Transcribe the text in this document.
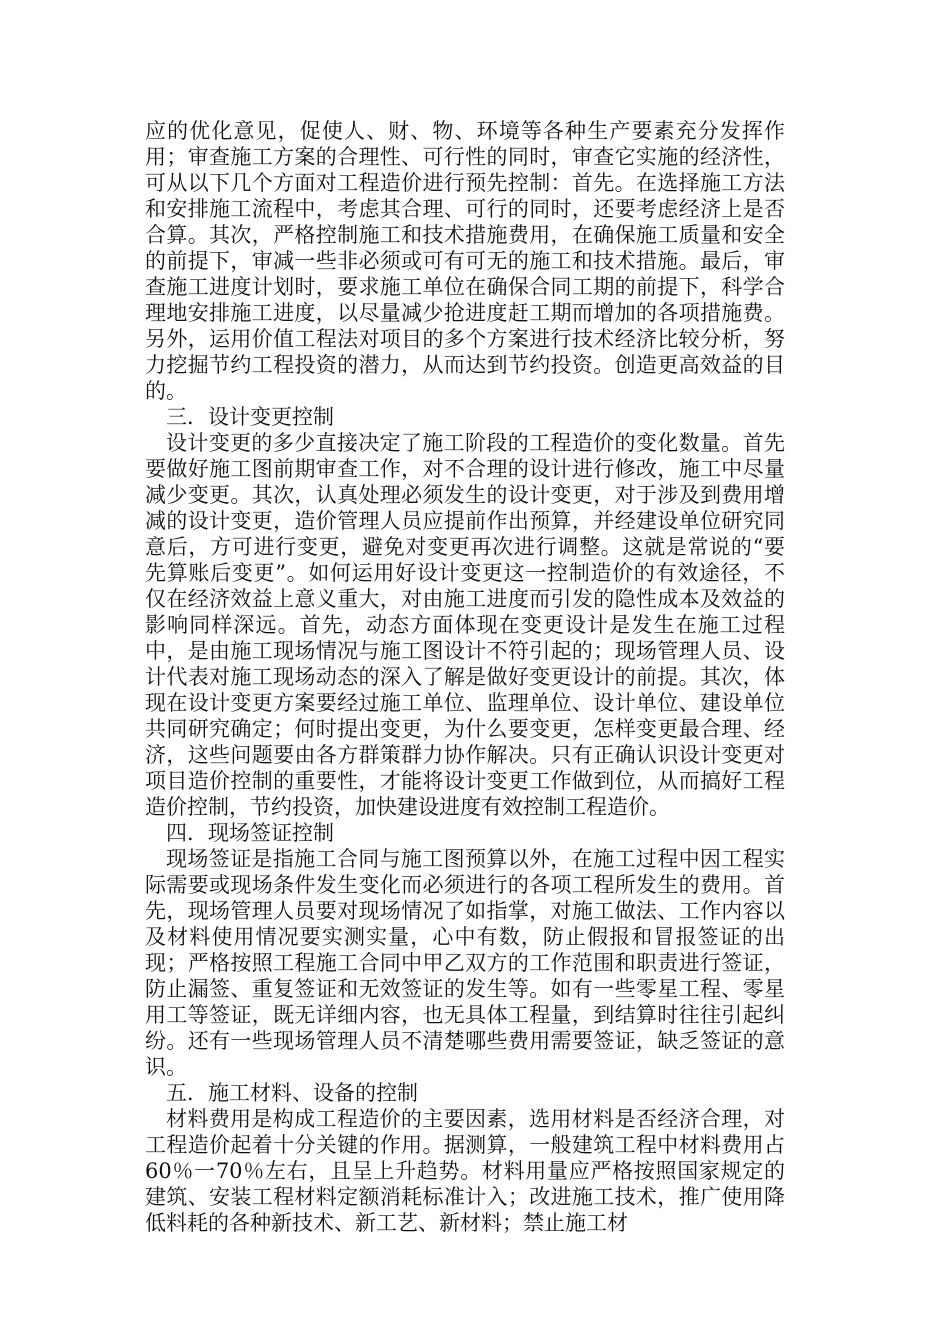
应的优化意见，促使人、财、物、环境等各种生产要素充分发挥作用；审查施工方案的合理性、可行性的同时，审查它实施的经济性，可从以下几个方面对工程造价进行预先控制：首先。在选择施工方法和安排施工流程中，考虑其合理、可行的同时，还要考虑经济上是否合算。其次，严格控制施工和技术措施费用，在确保施工质量和安全的前提下，审减一些非必须或可有可无的施工和技术措施。最后，审查施工进度计划时，要求施工单位在确保合同工期的前提下，科学合理地安排施工进度，以尽量减少抢进度赶工期而增加的各项措施费。另外，运用价值工程法对项目的多个方案进行技术经济比较分析，努力挖掘节约工程投资的潜力，从而达到节约投资。创造更高效益的目的。

三．设计变更控制

设计变更的多少直接决定了施工阶段的工程造价的变化数量。首先要做好施工图前期审查工作，对不合理的设计进行修改，施工中尽量减少变更。其次，认真处理必须发生的设计变更，对于涉及到费用增减的设计变更，造价管理人员应提前作出预算，并经建设单位研究同意后，方可进行变更，避免对变更再次进行调整。这就是常说的“要先算账后变更”。如何运用好设计变更这一控制造价的有效途径，不仅在经济效益上意义重大，对由施工进度而引发的隐性成本及效益的影响同样深远。首先，动态方面体现在变更设计是发生在施工过程中，是由施工现场情况与施工图设计不符引起的；现场管理人员、设计代表对施工现场动态的深入了解是做好变更设计的前提。其次，体现在设计变更方案要经过施工单位、监理单位、设计单位、建设单位共同研究确定；何时提出变更，为什么要变更，怎样变更最合理、经济，这些问题要由各方群策群力协作解决。只有正确认识设计变更对项目造价控制的重要性，才能将设计变更工作做到位，从而搞好工程造价控制，节约投资，加快建设进度有效控制工程造价。

四．现场签证控制

现场签证是指施工合同与施工图预算以外，在施工过程中因工程实际需要或现场条件发生变化而必须进行的各项工程所发生的费用。首先，现场管理人员要对现场情况了如指掌，对施工做法、工作内容以及材料使用情况要实测实量，心中有数，防止假报和冒报签证的出现；严格按照工程施工合同中甲乙双方的工作范围和职责进行签证，防止漏签、重复签证和无效签证的发生等。如有一些零星工程、零星用工等签证，既无详细内容，也无具体工程量，到结算时往往引起纠纷。还有一些现场管理人员不清楚哪些费用需要签证，缺乏签证的意识。

五．施工材料、设备的控制

材料费用是构成工程造价的主要因素，选用材料是否经济合理，对工程造价起着十分关键的作用。据测算，一般建筑工程中材料费用占60％一70％左右，且呈上升趋势。材料用量应严格按照国家规定的建筑、安装工程材料定额消耗标准计入；改进施工技术，推广使用降低料耗的各种新技术、新工艺、新材料；禁止施工材
